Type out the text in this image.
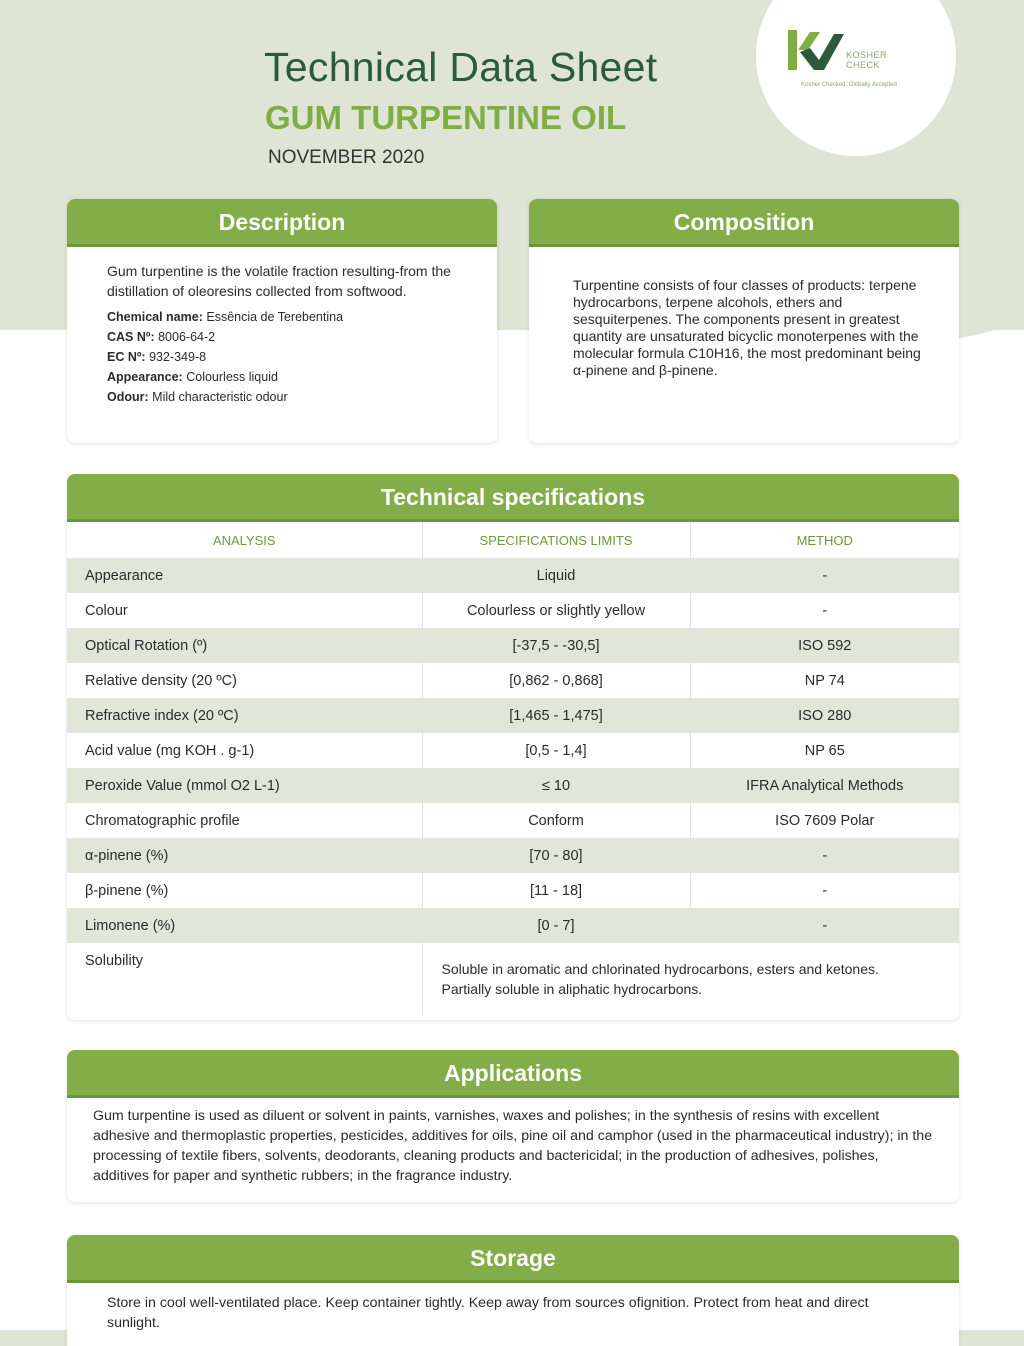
KOSHER
CHECK
Kosher Checked. Globally Accepted
Technical Data Sheet
GUM TURPENTINE OIL
NOVEMBER 2020
Description

Gum turpentine is the volatile fraction resulting-from the distillation of oleoresins collected from softwood.

Chemical name: Essência de Terebentina
CAS Nº: 8006-64-2
EC Nº: 932-349-8
Appearance: Colourless liquid
Odour: Mild characteristic odour
Composition
Turpentine consists of four classes of products: terpene hydrocarbons, terpene alcohols, ethers and sesquiterpenes. The components present in greatest quantity are unsaturated bicyclic monoterpenes with the molecular formula C10H16, the most predominant being α-pinene and β-pinene.
Technical specifications
ANALYSIS	SPECIFICATIONS LIMITS	METHOD
Appearance	Liquid	-
Colour	Colourless or slightly yellow	-
Optical Rotation (º)	[-37,5 - -30,5]	ISO 592
Relative density (20 ºC)	[0,862 - 0,868]	NP 74
Refractive index (20 ºC)	[1,465 - 1,475]	ISO 280
Acid value (mg KOH . g-1)	[0,5 - 1,4]	NP 65
Peroxide Value (mmol O2 L-1)	≤ 10	IFRA Analytical Methods
Chromatographic profile	Conform	ISO 7609 Polar
α-pinene (%)	[70 - 80]	-
β-pinene (%)	[11 - 18]	-
Limonene (%)	[0 - 7]	-
Solubility	Soluble in aromatic and chlorinated hydrocarbons, esters and ketones.
Partially soluble in aliphatic hydrocarbons.	
Applications
Gum turpentine is used as diluent or solvent in paints, varnishes, waxes and polishes; in the synthesis of resins with excellent adhesive and thermoplastic properties, pesticides, additives for oils, pine oil and camphor (used in the pharmaceutical industry); in the processing of textile fibers, solvents, deodorants, cleaning products and bactericidal; in the production of adhesives, polishes, additives for paper and synthetic rubbers; in the fragrance industry.
Storage
Store in cool well-ventilated place. Keep container tightly. Keep away from sources ofignition. Protect from heat and direct sunlight.
